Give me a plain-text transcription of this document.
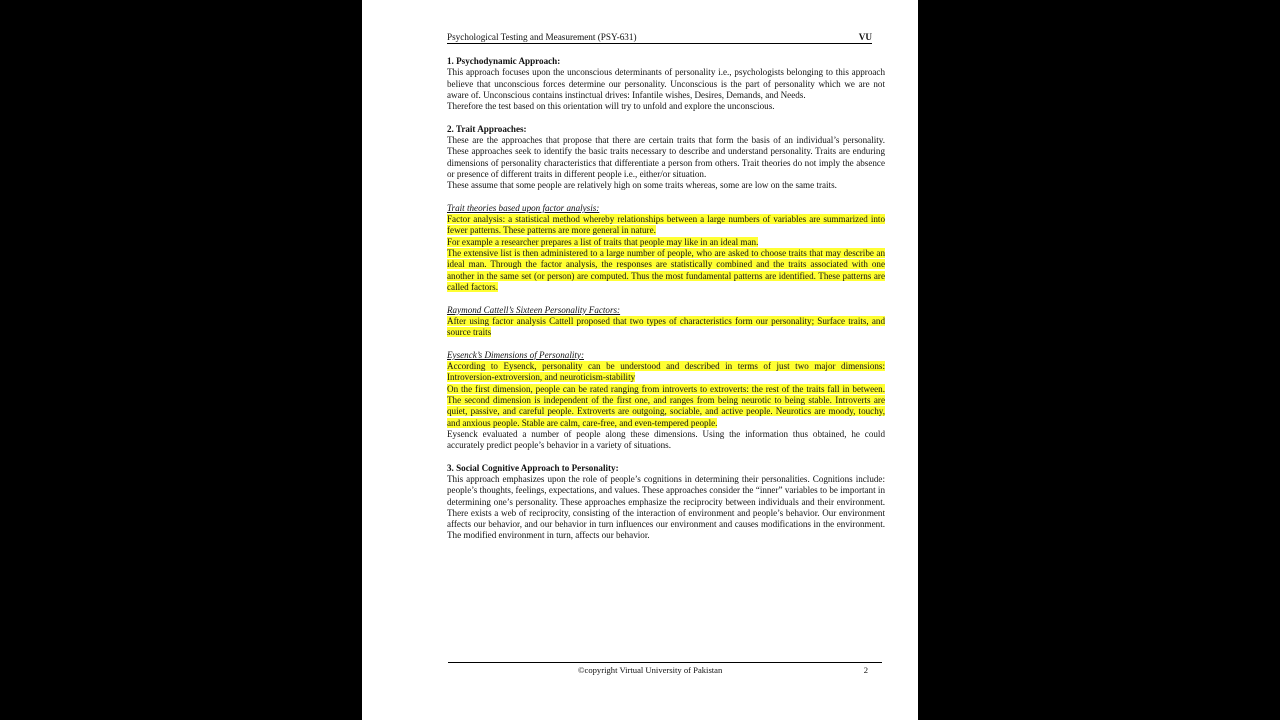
Psychological Testing and Measurement (PSY-631)	VU

1. Psychodynamic Approach:

This approach focuses upon the unconscious determinants of personality i.e., psychologists belonging to this approach believe that unconscious forces determine our personality. Unconscious is the part of personality which we are not aware of. Unconscious contains instinctual drives: Infantile wishes, Desires, Demands, and Needs.

Therefore the test based on this orientation will try to unfold and explore the unconscious.

2. Trait Approaches:

These are the approaches that propose that there are certain traits that form the basis of an individual’s personality. These approaches seek to identify the basic traits necessary to describe and understand personality. Traits are enduring dimensions of personality characteristics that differentiate a person from others. Trait theories do not imply the absence or presence of different traits in different people i.e., either/or situation.

These assume that some people are relatively high on some traits whereas, some are low on the same traits.

Trait theories based upon factor analysis:

Factor analysis: a statistical method whereby relationships between a large numbers of variables are summarized into fewer patterns. These patterns are more general in nature.

For example a researcher prepares a list of traits that people may like in an ideal man.

The extensive list is then administered to a large number of people, who are asked to choose traits that may describe an ideal man. Through the factor analysis, the responses are statistically combined and the traits associated with one another in the same set (or person) are computed. Thus the most fundamental patterns are identified. These patterns are called factors.

Raymond Cattell’s Sixteen Personality Factors:

After using factor analysis Cattell proposed that two types of characteristics form our personality; Surface traits, and source traits

Eysenck’s Dimensions of Personality:

According to Eysenck, personality can be understood and described in terms of just two major dimensions: Introversion-extroversion, and neuroticism-stability

On the first dimension, people can be rated ranging from introverts to extroverts: the rest of the traits fall in between. The second dimension is independent of the first one, and ranges from being neurotic to being stable. Introverts are quiet, passive, and careful people. Extroverts are outgoing, sociable, and active people. Neurotics are moody, touchy, and anxious people. Stable are calm, care-free, and even-tempered people.

Eysenck evaluated a number of people along these dimensions. Using the information thus obtained, he could accurately predict people’s behavior in a variety of situations.

3. Social Cognitive Approach to Personality:

This approach emphasizes upon the role of people’s cognitions in determining their personalities. Cognitions include: people’s thoughts, feelings, expectations, and values. These approaches consider the “inner” variables to be important in determining one’s personality. These approaches emphasize the reciprocity between individuals and their environment. There exists a web of reciprocity, consisting of the interaction of environment and people’s behavior. Our environment affects our behavior, and our behavior in turn influences our environment and causes modifications in the environment. The modified environment in turn, affects our behavior.

©copyright Virtual University of Pakistan	2
